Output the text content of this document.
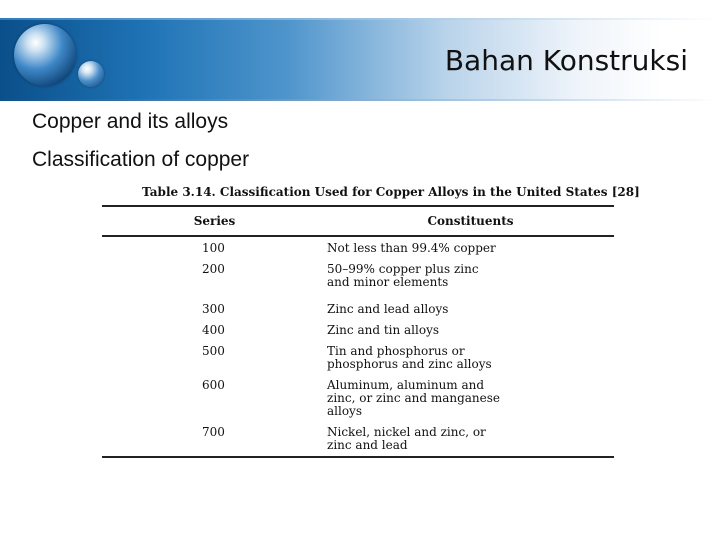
Bahan Konstruksi

Copper and its alloys

Classification of copper

Table 3.14. Classification Used for Copper Alloys in the United States [28]
Series	Constituents
100	Not less than 99.4% copper
200	50–99% copper plus zinc
and minor elements
300	Zinc and lead alloys
400	Zinc and tin alloys
500	Tin and phosphorus or
phosphorus and zinc alloys
600	Aluminum, aluminum and
zinc, or zinc and manganese
alloys
700	Nickel, nickel and zinc, or
zinc and lead
